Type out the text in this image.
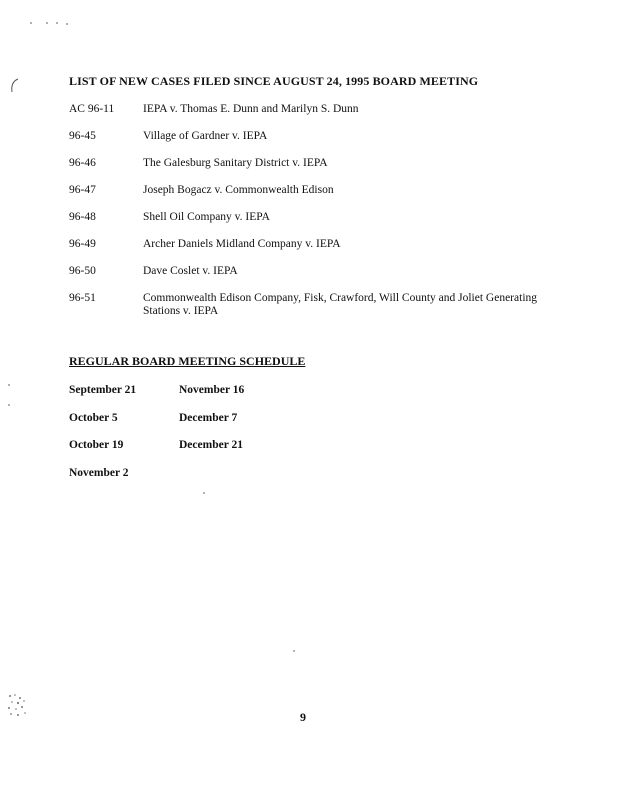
LIST OF NEW CASES FILED SINCE AUGUST 24, 1995 BOARD MEETING
AC 96-11	IEPA v. Thomas E. Dunn and Marilyn S. Dunn
96-45	Village of Gardner v. IEPA
96-46	The Galesburg Sanitary District v. IEPA
96-47	Joseph Bogacz v. Commonwealth Edison
96-48	Shell Oil Company v. IEPA
96-49	Archer Daniels Midland Company v. IEPA
96-50	Dave Coslet v. IEPA
96-51	Commonwealth Edison Company, Fisk, Crawford, Will County and Joliet Generating Stations v. IEPA
REGULAR BOARD MEETING SCHEDULE
September 21	November 16
October 5	December 7
October 19	December 21
November 2
9
